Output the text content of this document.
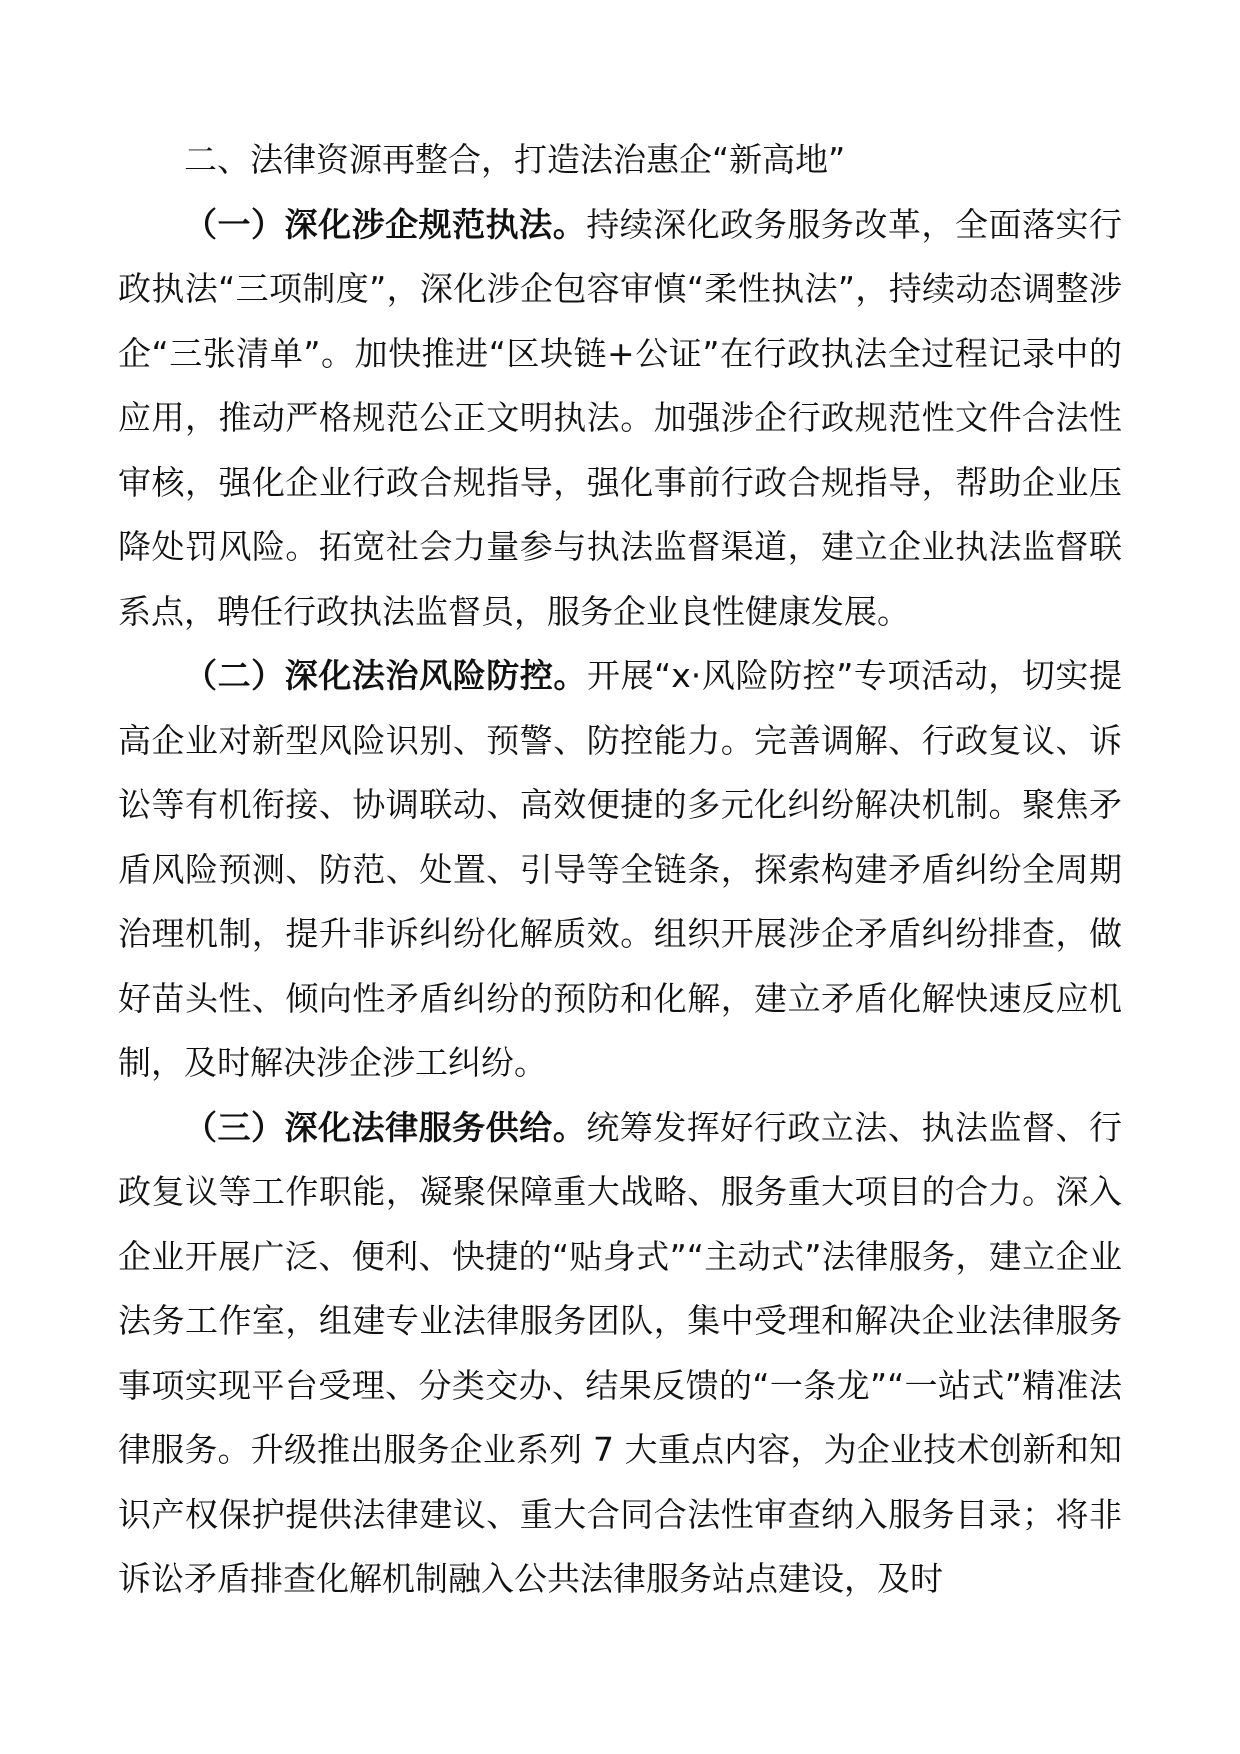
二、法律资源再整合，打造法治惠企“新高地”

（一）深化涉企规范执法。持续深化政务服务改革，全面落实行政执法“三项制度”，深化涉企包容审慎“柔性执法”，持续动态调整涉企“三张清单”。加快推进“区块链+公证”在行政执法全过程记录中的应用，推动严格规范公正文明执法。加强涉企行政规范性文件合法性审核，强化企业行政合规指导，强化事前行政合规指导，帮助企业压降处罚风险。拓宽社会力量参与执法监督渠道，建立企业执法监督联系点，聘任行政执法监督员，服务企业良性健康发展。

（二）深化法治风险防控。开展“x·风险防控”专项活动，切实提高企业对新型风险识别、预警、防控能力。完善调解、行政复议、诉讼等有机衔接、协调联动、高效便捷的多元化纠纷解决机制。聚焦矛盾风险预测、防范、处置、引导等全链条，探索构建矛盾纠纷全周期治理机制，提升非诉纠纷化解质效。组织开展涉企矛盾纠纷排查，做好苗头性、倾向性矛盾纠纷的预防和化解，建立矛盾化解快速反应机制，及时解决涉企涉工纠纷。

（三）深化法律服务供给。统筹发挥好行政立法、执法监督、行政复议等工作职能，凝聚保障重大战略、服务重大项目的合力。深入企业开展广泛、便利、快捷的“贴身式”“主动式”法律服务，建立企业法务工作室，组建专业法律服务团队，集中受理和解决企业法律服务事项实现平台受理、分类交办、结果反馈的“一条龙”“一站式”精准法律服务。升级推出服务企业系列 7 大重点内容，为企业技术创新和知识产权保护提供法律建议、重大合同合法性审查纳入服务目录；将非诉讼矛盾排查化解机制融入公共法律服务站点建设，及时
